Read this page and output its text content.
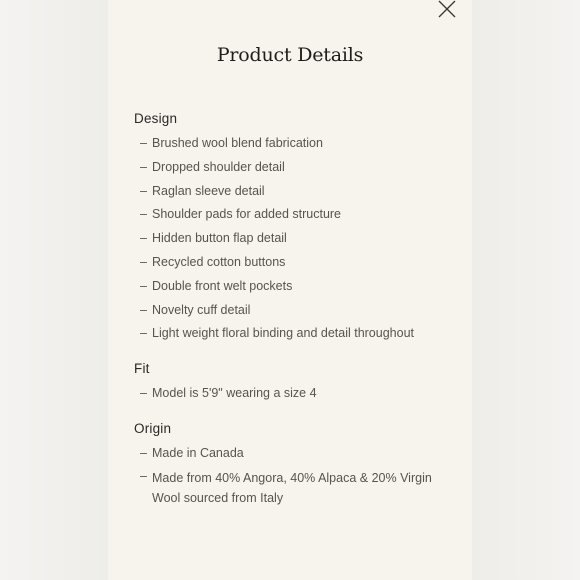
Product Details
Design
– Brushed wool blend fabrication
– Dropped shoulder detail
– Raglan sleeve detail
– Shoulder pads for added structure
– Hidden button flap detail
– Recycled cotton buttons
– Double front welt pockets
– Novelty cuff detail
– Light weight floral binding and detail throughout
Fit
– Model is 5'9" wearing a size 4
Origin
– Made in Canada
– Made from 40% Angora, 40% Alpaca & 20% Virgin Wool sourced from Italy
